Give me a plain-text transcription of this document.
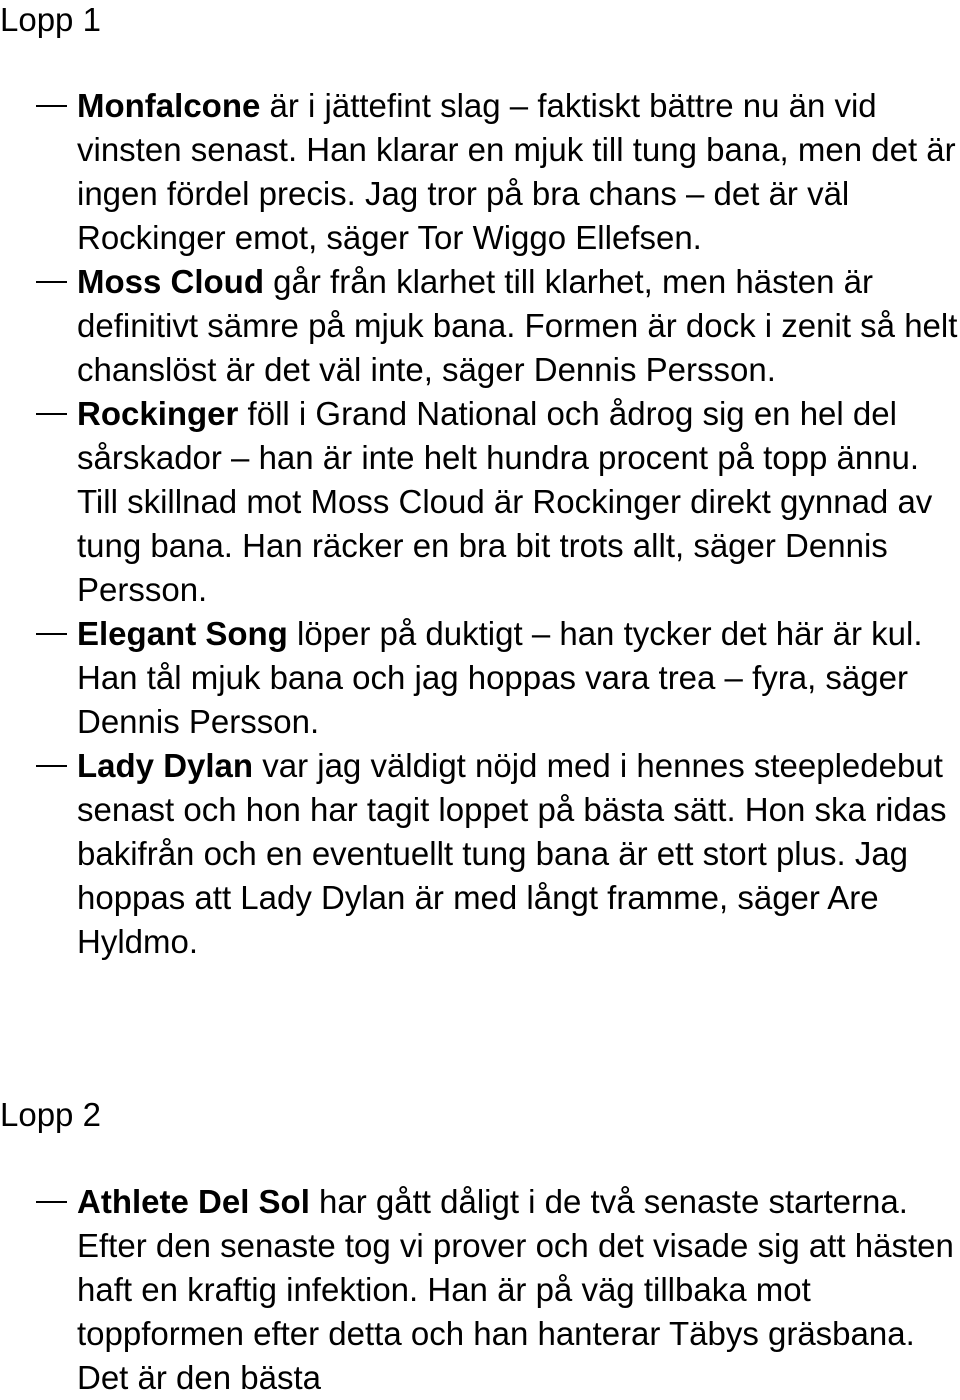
Lopp 1
Monfalcone är i jättefint slag – faktiskt bättre nu än vid vinsten senast. Han klarar en mjuk till tung bana, men det är ingen fördel precis. Jag tror på bra chans – det är väl Rockinger emot, säger Tor Wiggo Ellefsen.
Moss Cloud går från klarhet till klarhet, men hästen är definitivt sämre på mjuk bana. Formen är dock i zenit så helt chanslöst är det väl inte, säger Dennis Persson.
Rockinger föll i Grand National och ådrog sig en hel del sårskador – han är inte helt hundra procent på topp ännu. Till skillnad mot Moss Cloud är Rockinger direkt gynnad av tung bana. Han räcker en bra bit trots allt, säger Dennis Persson.
Elegant Song löper på duktigt – han tycker det här är kul. Han tål mjuk bana och jag hoppas vara trea – fyra, säger Dennis Persson.
Lady Dylan var jag väldigt nöjd med i hennes steepledebut senast och hon har tagit loppet på bästa sätt. Hon ska ridas bakifrån och en eventuellt tung bana är ett stort plus. Jag hoppas att Lady Dylan är med långt framme, säger Are Hyldmo.
Lopp 2
Athlete Del Sol har gått dåligt i de två senaste starterna. Efter den senaste tog vi prover och det visade sig att hästen haft en kraftig infektion. Han är på väg tillbaka mot toppformen efter detta och han hanterar Täbys gräsbana. Det är den bästa
